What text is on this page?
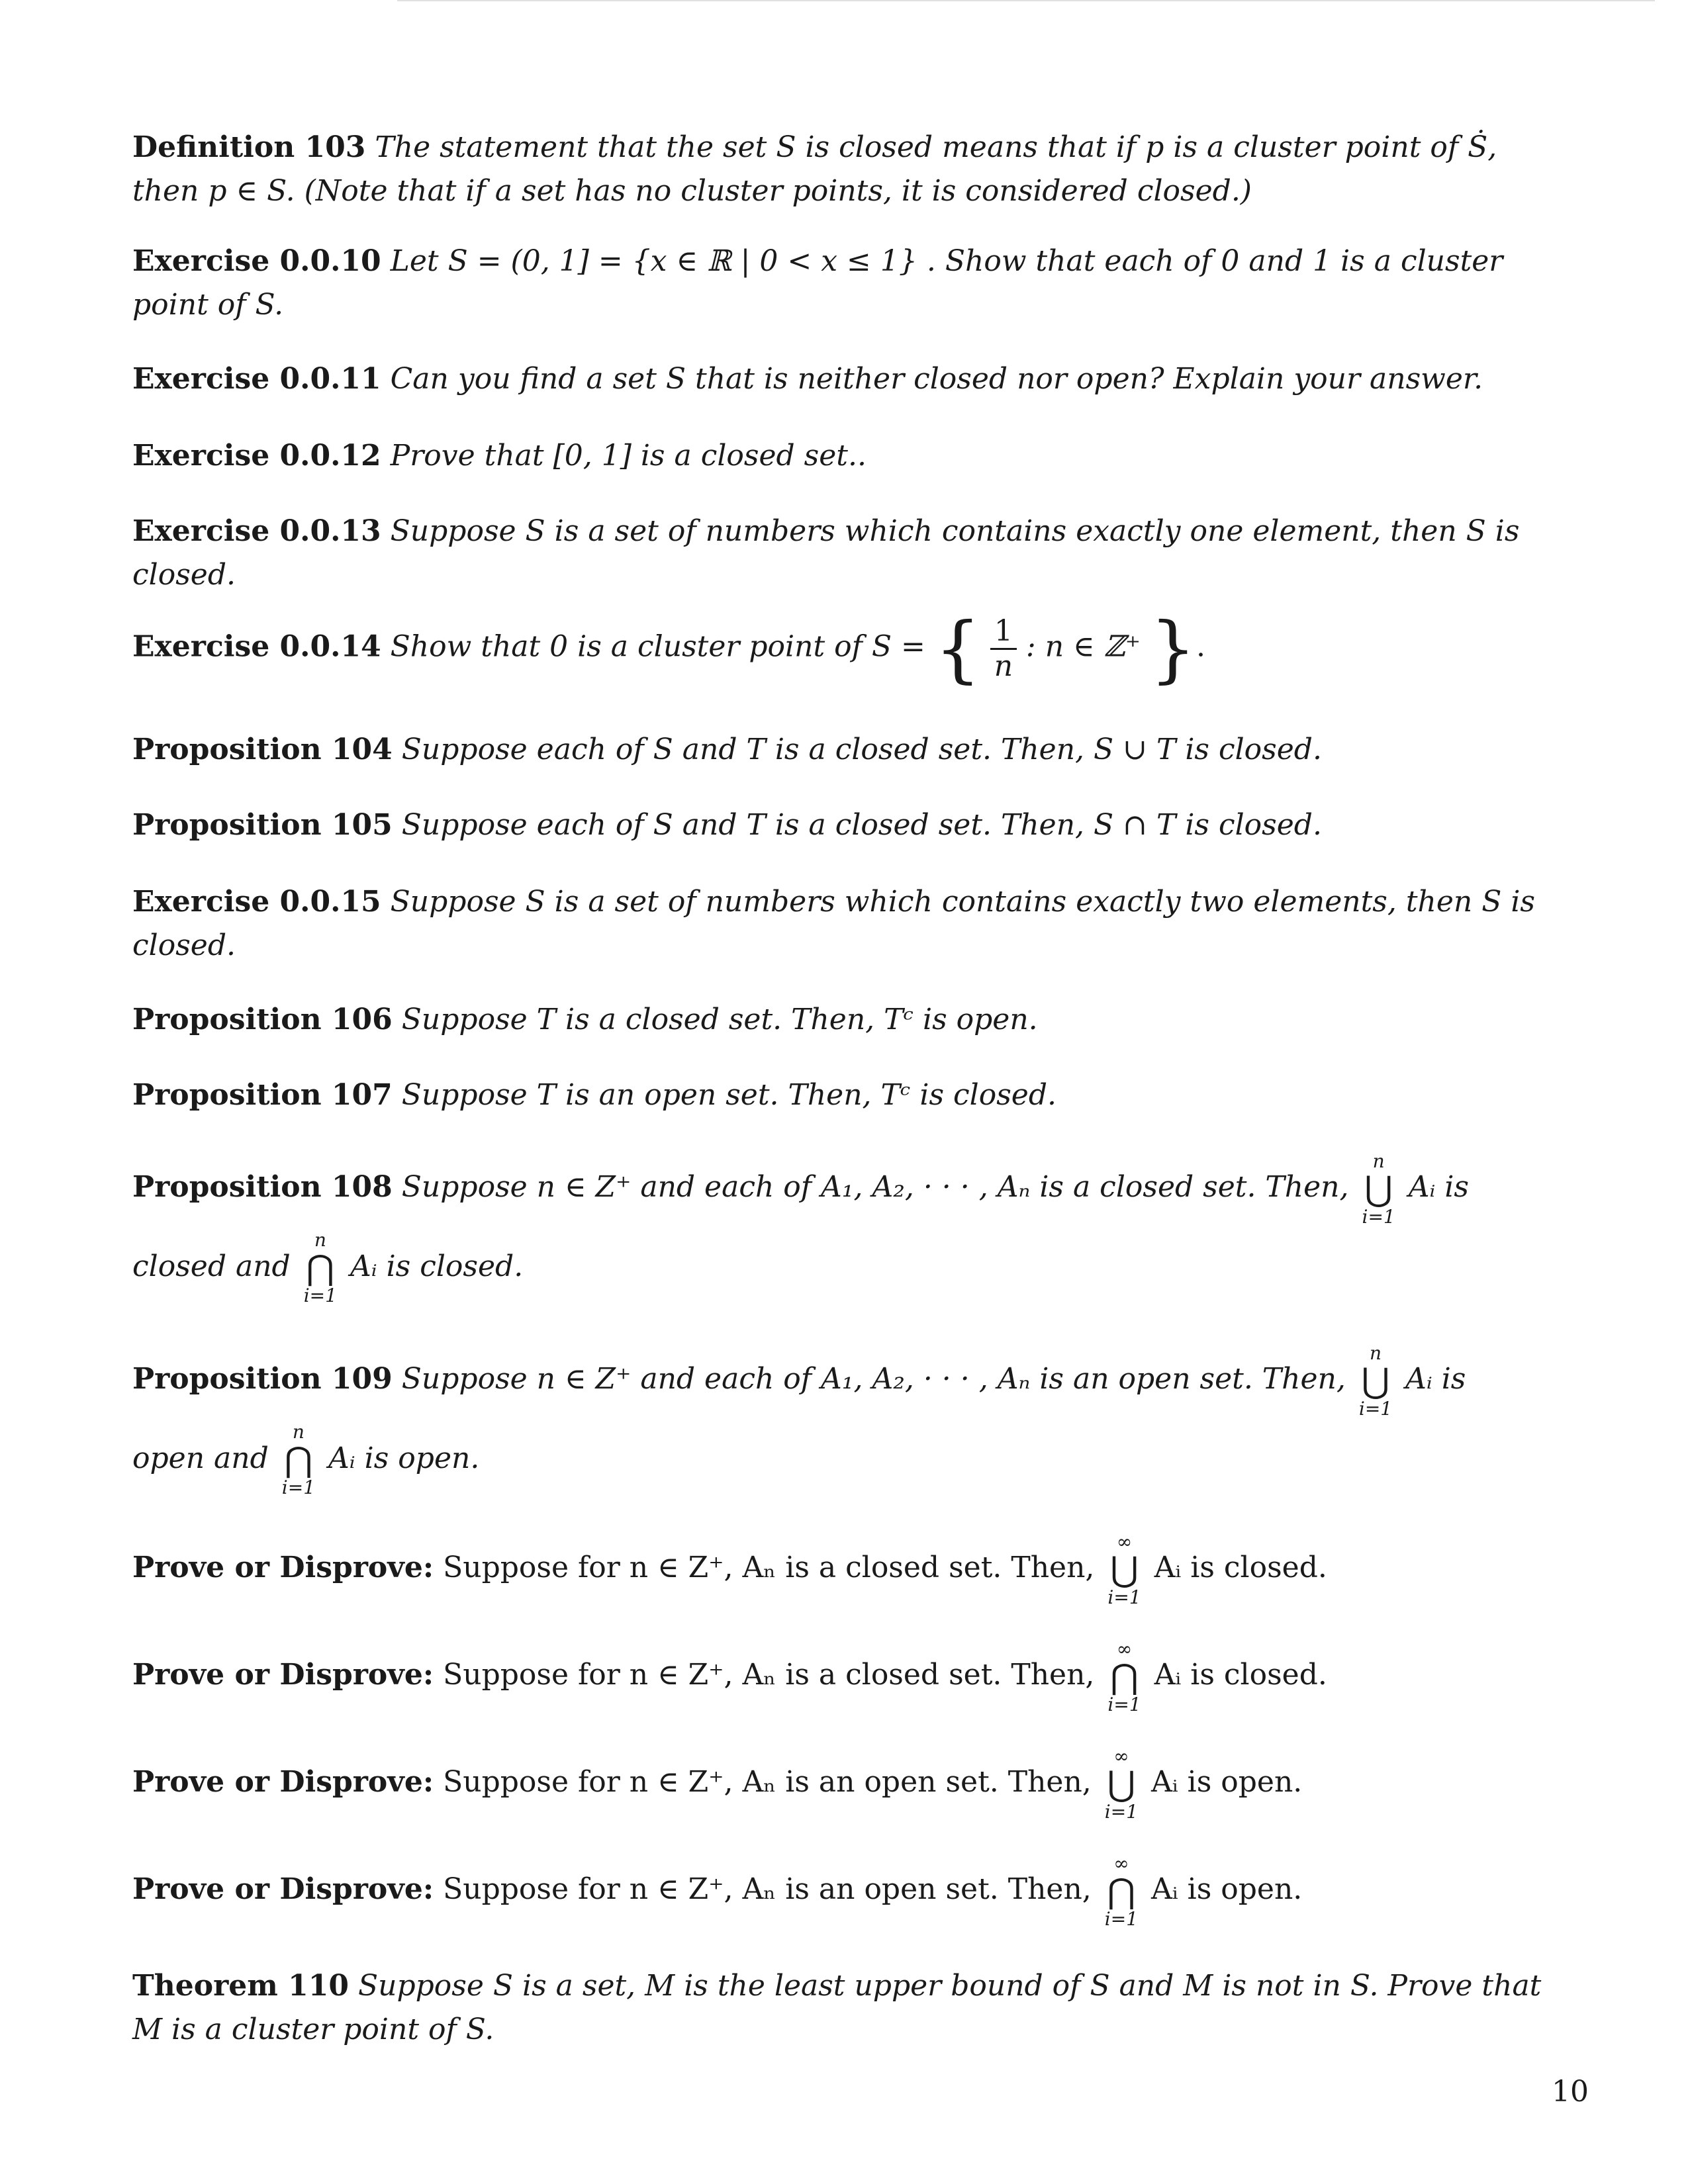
Definition 103 The statement that the set S is closed means that if p is a cluster point of Ṡ, then p ∈ S. (Note that if a set has no cluster points, it is considered closed.)
Exercise 0.0.10 Let S = (0, 1] = {x ∈ ℝ | 0 < x ≤ 1} . Show that each of 0 and 1 is a cluster point of S.
Exercise 0.0.11 Can you find a set S that is neither closed nor open? Explain your answer.
Exercise 0.0.12 Prove that [0, 1] is a closed set..
Exercise 0.0.13 Suppose S is a set of numbers which contains exactly one element, then S is closed.
Exercise 0.0.14 Show that 0 is a cluster point of S = { $\frac{1}{n}$ : n ∈ ℤ⁺ }.
Proposition 104 Suppose each of S and T is a closed set. Then, S ∪ T is closed.
Proposition 105 Suppose each of S and T is a closed set. Then, S ∩ T is closed.
Exercise 0.0.15 Suppose S is a set of numbers which contains exactly two elements, then S is closed.
Proposition 106 Suppose T is a closed set. Then, Tᶜ is open.
Proposition 107 Suppose T is an open set. Then, Tᶜ is closed.
Proposition 108 Suppose n ∈ Z⁺ and each of A₁, A₂, · · · , Aₙ is a closed set. Then,
n
⋃
i=1
Aᵢ is closed and
n
⋂
i=1
Aᵢ is closed.
Proposition 109 Suppose n ∈ Z⁺ and each of A₁, A₂, · · · , Aₙ is an open set. Then,
n
⋃
i=1
Aᵢ is open and
n
⋂
i=1
Aᵢ is open.
Prove or Disprove: Suppose for n ∈ Z⁺, Aₙ is a closed set. Then,
∞
⋃
i=1
Aᵢ is closed.
Prove or Disprove: Suppose for n ∈ Z⁺, Aₙ is a closed set. Then,
∞
⋂
i=1
Aᵢ is closed.
Prove or Disprove: Suppose for n ∈ Z⁺, Aₙ is an open set. Then,
∞
⋃
i=1
Aᵢ is open.
Prove or Disprove: Suppose for n ∈ Z⁺, Aₙ is an open set. Then,
∞
⋂
i=1
Aᵢ is open.
Theorem 110 Suppose S is a set, M is the least upper bound of S and M is not in S. Prove that M is a cluster point of S.
10
